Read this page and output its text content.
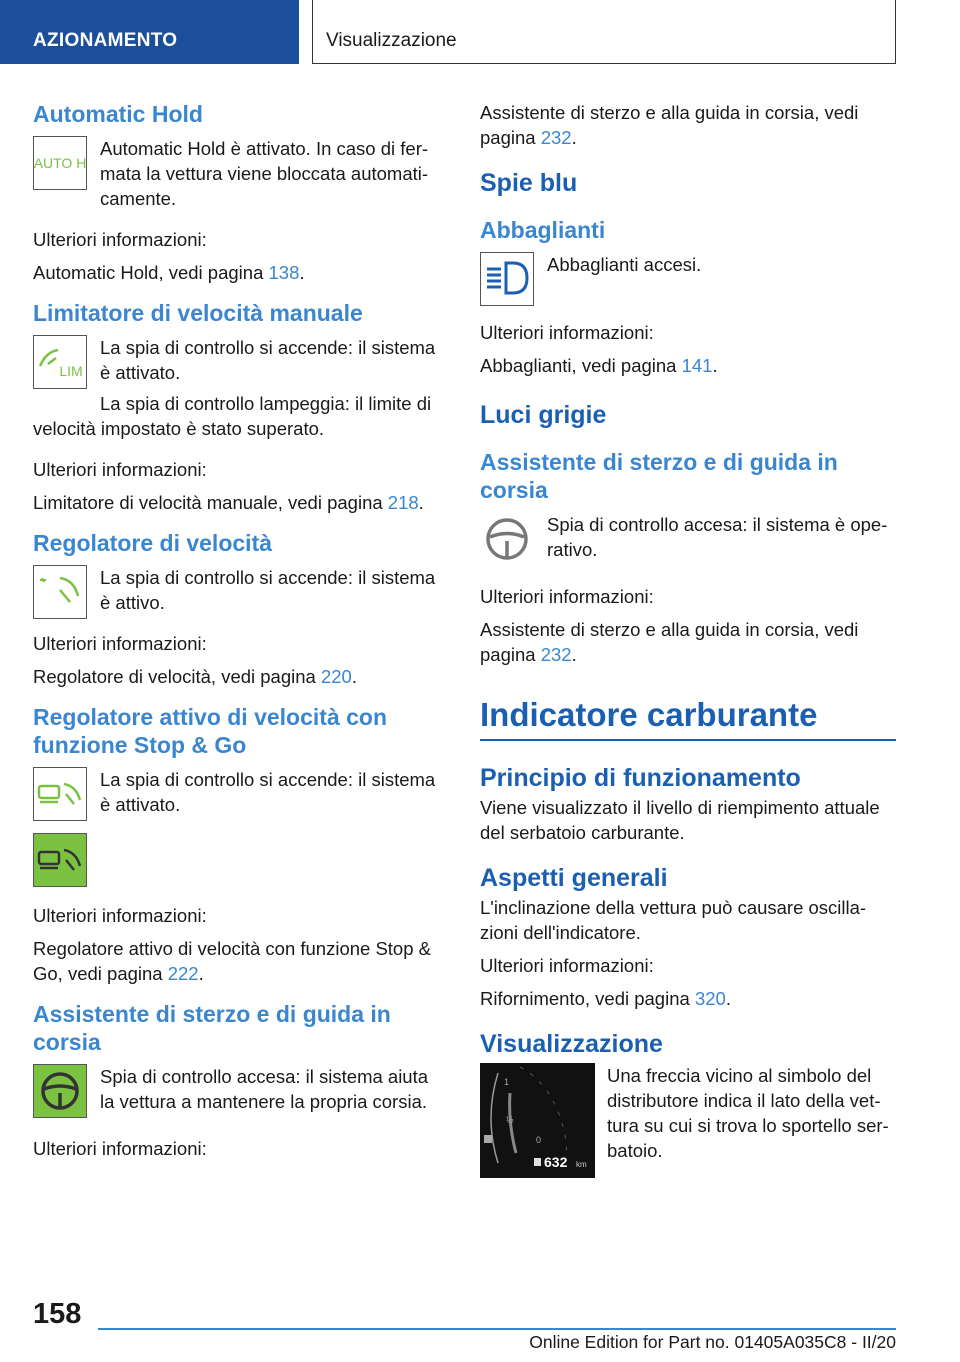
AZIONAMENTO	Visualizzazione
Automatic Hold
AUTO H

Automatic Hold è attivato. In caso di fer-mata la vettura viene bloccata automati-camente.

Ulteriori informazioni:

Automatic Hold, vedi pagina 138.

Limitatore di velocità manuale
LIM

La spia di controllo si accende: il sistema è attivato.

La spia di controllo lampeggia: il limite di velocità impostato è stato superato.

Ulteriori informazioni:

Limitatore di velocità manuale, vedi pagina 218.

Regolatore di velocità

La spia di controllo si accende: il sistema è attivo.

Ulteriori informazioni:

Regolatore di velocità, vedi pagina 220.

Regolatore attivo di velocità con funzione Stop & Go

La spia di controllo si accende: il sistema è attivato.

Ulteriori informazioni:

Regolatore attivo di velocità con funzione Stop & Go, vedi pagina 222.

Assistente di sterzo e di guida in corsia

Spia di controllo accesa: il sistema aiuta la vettura a mantenere la propria corsia.

Ulteriori informazioni:

Assistente di sterzo e alla guida in corsia, vedi pagina 232.

Spie blu
Abbaglianti

Abbaglianti accesi.

Ulteriori informazioni:

Abbaglianti, vedi pagina 141.

Luci grigie
Assistente di sterzo e di guida in corsia

Spia di controllo accesa: il sistema è ope-rativo.

Ulteriori informazioni:

Assistente di sterzo e alla guida in corsia, vedi pagina 232.

Indicatore carburante
Principio di funzionamento

Viene visualizzato il livello di riempimento attuale del serbatoio carburante.

Aspetti generali

L'inclinazione della vettura può causare oscilla-zioni dell'indicatore.

Ulteriori informazioni:

Rifornimento, vedi pagina 320.

Visualizzazione
1
½
0
632 km

Una freccia vicino al simbolo del distributore indica il lato della vet-tura su cui si trova lo sportello ser-batoio.

158
Online Edition for Part no. 01405A035C8 - II/20
